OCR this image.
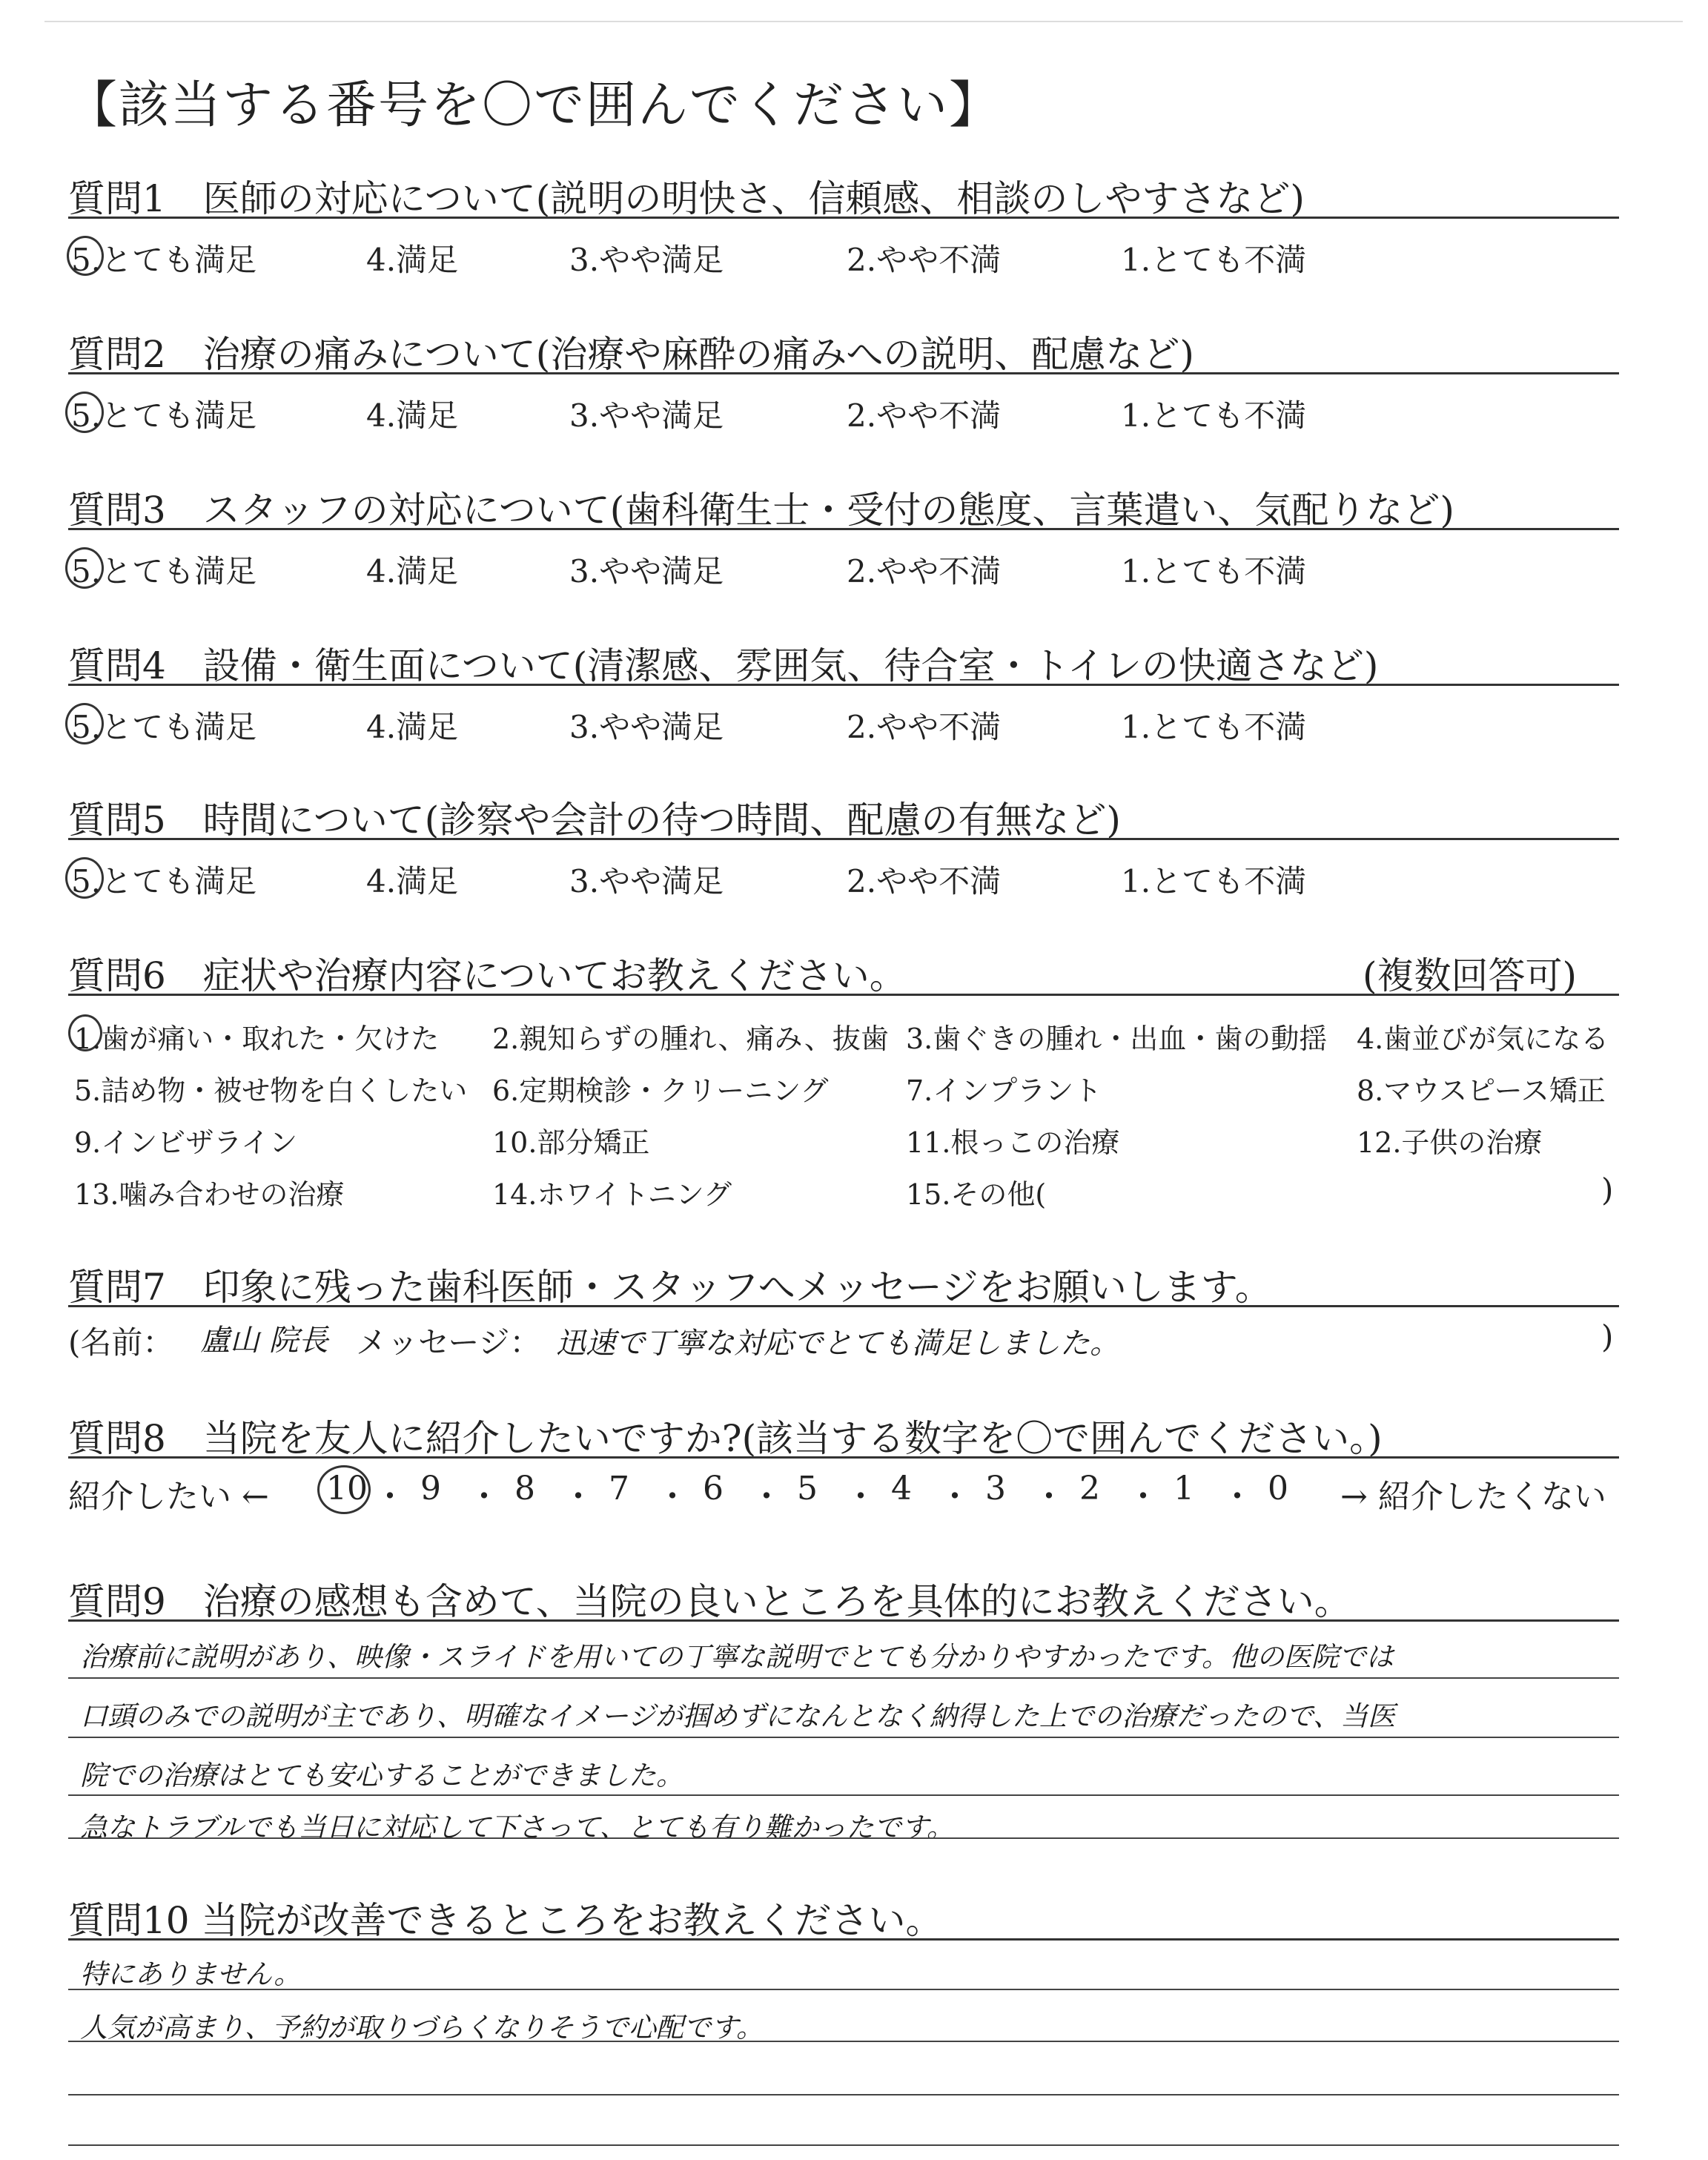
【該当する番号を〇で囲んでください】
質問1　医師の対応について(説明の明快さ、信頼感、相談のしやすさなど)
5.とても満足	4.満足	3.やや満足	2.やや不満	1.とても不満
質問2　治療の痛みについて(治療や麻酔の痛みへの説明、配慮など)
5.とても満足	4.満足	3.やや満足	2.やや不満	1.とても不満
質問3　スタッフの対応について(歯科衛生士・受付の態度、言葉遣い、気配りなど)
5.とても満足	4.満足	3.やや満足	2.やや不満	1.とても不満
質問4　設備・衛生面について(清潔感、雰囲気、待合室・トイレの快適さなど)
5.とても満足	4.満足	3.やや満足	2.やや不満	1.とても不満
質問5　時間について(診察や会計の待つ時間、配慮の有無など)
5.とても満足	4.満足	3.やや満足	2.やや不満	1.とても不満
質問6　症状や治療内容についてお教えください。	(複数回答可)
1.歯が痛い・取れた・欠けた 2.親知らずの腫れ、痛み、抜歯 3.歯ぐきの腫れ・出血・歯の動揺 4.歯並びが気になる
5.詰め物・被せ物を白くしたい 6.定期検診・クリーニング	7.インプラント	8.マウスピース矯正
9.インビザライン	10.部分矯正	11.根っこの治療	12.子供の治療
13.噛み合わせの治療	14.ホワイトニング	15.その他(	)
質問7　印象に残った歯科医師・スタッフへメッセージをお願いします。
(名前： 盧山 院長 メッセージ： 迅速で丁寧な対応でとても満足しました。	)
質問8　当院を友人に紹介したいですか?(該当する数字を〇で囲んでください。)
紹介したい ←	→ 紹介したくない
10 ・ 9 ・ 8 ・ 7 ・ 6 ・ 5 ・ 4 ・ 3 ・ 2 ・ 1 ・ 0
質問9　治療の感想も含めて、当院の良いところを具体的にお教えください。
治療前に説明があり、映像・スライドを用いての丁寧な説明でとても分かりやすかったです。他の医院では
口頭のみでの説明が主であり、明確なイメージが掴めずになんとなく納得した上での治療だったので、当医
院での治療はとても安心することができました。
急なトラブルでも当日に対応して下さって、とても有り難かったです。
質問10 当院が改善できるところをお教えください。
特にありません。
人気が高まり、予約が取りづらくなりそうで心配です。
